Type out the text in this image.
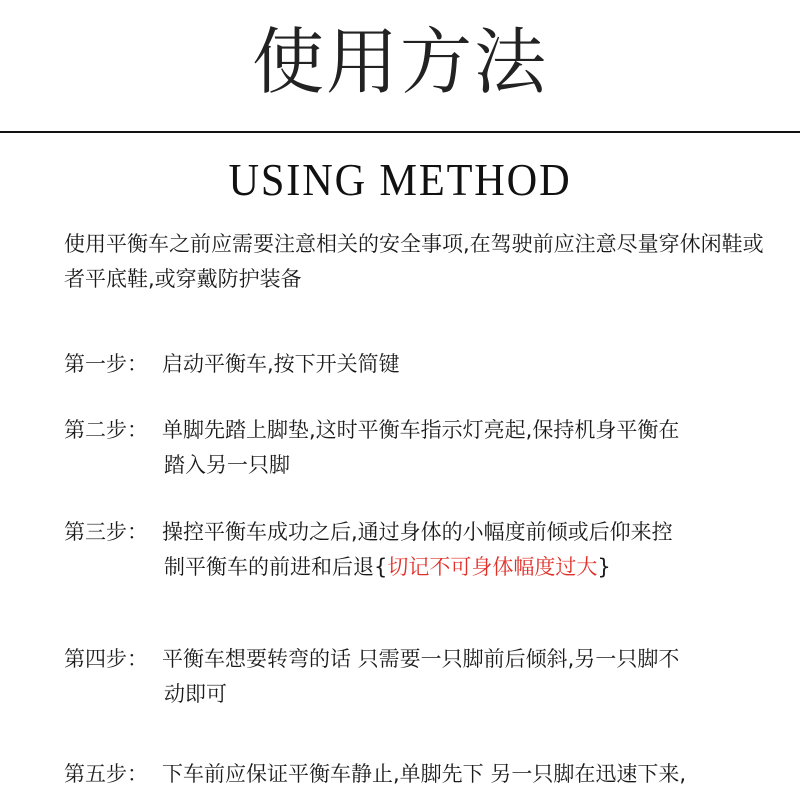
使用方法
USING METHOD
使用平衡车之前应需要注意相关的安全事项,在驾驶前应注意尽量穿休闲鞋或者平底鞋,或穿戴防护装备
第一步： 启动平衡车,按下开关简键
第二步： 单脚先踏上脚垫,这时平衡车指示灯亮起,保持机身平衡在
踏入另一只脚
第三步： 操控平衡车成功之后,通过身体的小幅度前倾或后仰来控
制平衡车的前进和后退{切记不可身体幅度过大}
第四步： 平衡车想要转弯的话 只需要一只脚前后倾斜,另一只脚不
动即可
第五步： 下车前应保证平衡车静止,单脚先下 另一只脚在迅速下来,
